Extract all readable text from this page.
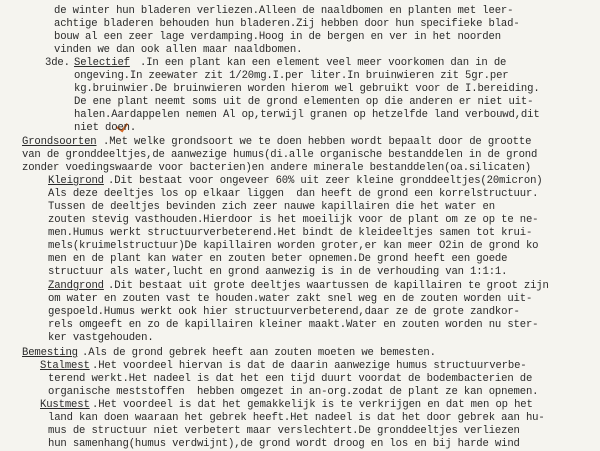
de winter hun bladeren verliezen.Alleen de naaldbomen en planten met leer-
achtige bladeren behouden hun bladeren.Zij hebben door hun specifieke blad-
bouw al een zeer lage verdamping.Hoog in de bergen en ver in het noorden
vinden we dan ook allen maar naaldbomen.
3de. Selectief .In een plant kan een element veel meer voorkomen dan in de
ongeving.In zeewater zit 1/20mg.I.per liter.In bruinwieren zit 5gr.per
kg.bruinwier.De bruinwieren worden hierom wel gebruikt voor de I.bereiding.
De ene plant neemt soms uit de grond elementen op die anderen er niet uit-
halen.Aardappelen nemen Al op,terwijl granen op hetzelfde land verbouwd,dit
niet doen.
Grondsoorten .Met welke grondsoort we te doen hebben wordt bepaalt door de grootte
van de gronddeeltjes,de aanwezige humus(di.alle organische bestanddelen in de grond
zonder voedingswaarde voor bacterien)en andere minerale bestanddelen(oa.silicaten)
Kleigrond .Dit bestaat voor ongeveer 60% uit zeer kleine gronddeeltjes(20micron)
Als deze deeltjes los op elkaar liggen  dan heeft de grond een korrelstructuur.
Tussen de deeltjes bevinden zich zeer nauwe kapillairen die het water en
zouten stevig vasthouden.Hierdoor is het moeilijk voor de plant om ze op te ne-
men.Humus werkt structuurverbeterend.Het bindt de kleideeltjes samen tot krui-
mels(kruimelstructuur)De kapillairen worden groter,er kan meer O2in de grond ko
men en de plant kan water en zouten beter opnemen.De grond heeft een goede
structuur als water,lucht en grond aanwezig is in de verhouding van 1:1:1.
Zandgrond .Dit bestaat uit grote deeltjes waartussen de kapillairen te groot zijn
om water en zouten vast te houden.water zakt snel weg en de zouten worden uit-
gespoeld.Humus werkt ook hier structuurverbeterend,daar ze de grote zandkor-
rels omgeeft en zo de kapillairen kleiner maakt.Water en zouten worden nu ster-
ker vastgehouden.
Bemesting .Als de grond gebrek heeft aan zouten moeten we bemesten.
Stalmest .Het voordeel hiervan is dat de daarin aanwezige humus structuurverbe-
terend werkt.Het nadeel is dat het een tijd duurt voordat de bodembacterien de
organische meststoffen  hebben omgezet in an-org.zodat de plant ze kan opnemen.
Kustmest .Het voordeel is dat het gemakkelijk is te verkrijgen en dat men op het
land kan doen waaraan het gebrek heeft.Het nadeel is dat het door gebrek aan hu-
mus de structuur niet verbetert maar verslechtert.De gronddeeltjes verliezen
hun samenhang(humus verdwijnt),de grond wordt droog en los en bij harde wind
